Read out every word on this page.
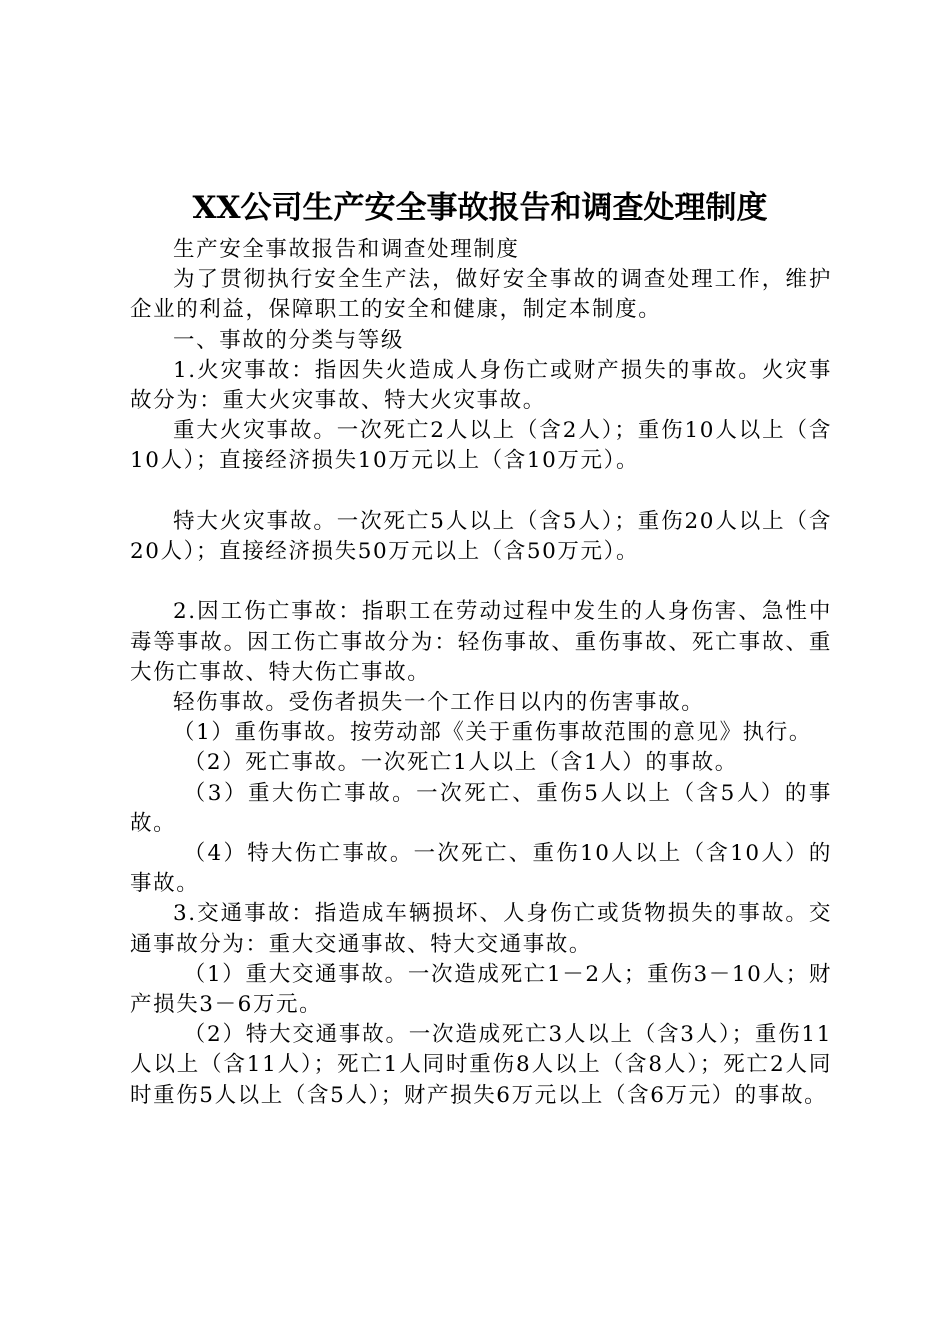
XX公司生产安全事故报告和调查处理制度

生产安全事故报告和调查处理制度

为了贯彻执行安全生产法，做好安全事故的调查处理工作，维护企业的利益，保障职工的安全和健康，制定本制度。

一、事故的分类与等级

1.火灾事故：指因失火造成人身伤亡或财产损失的事故。火灾事故分为：重大火灾事故、特大火灾事故。

重大火灾事故。一次死亡2人以上（含2人）；重伤10人以上（含10人）；直接经济损失10万元以上（含10万元）。

特大火灾事故。一次死亡5人以上（含5人）；重伤20人以上（含20人）；直接经济损失50万元以上（含50万元）。

2.因工伤亡事故：指职工在劳动过程中发生的人身伤害、急性中毒等事故。因工伤亡事故分为：轻伤事故、重伤事故、死亡事故、重大伤亡事故、特大伤亡事故。

轻伤事故。受伤者损失一个工作日以内的伤害事故。

（1）重伤事故。按劳动部《关于重伤事故范围的意见》执行。

（2）死亡事故。一次死亡1人以上（含1人）的事故。

（3）重大伤亡事故。一次死亡、重伤5人以上（含5人）的事故。

（4）特大伤亡事故。一次死亡、重伤10人以上（含10人）的事故。

3.交通事故：指造成车辆损坏、人身伤亡或货物损失的事故。交通事故分为：重大交通事故、特大交通事故。

（1）重大交通事故。一次造成死亡1－2人；重伤3－10人；财产损失3－6万元。

（2）特大交通事故。一次造成死亡3人以上（含3人）；重伤11人以上（含11人）；死亡1人同时重伤8人以上（含8人）；死亡2人同时重伤5人以上（含5人）；财产损失6万元以上（含6万元）的事故。
